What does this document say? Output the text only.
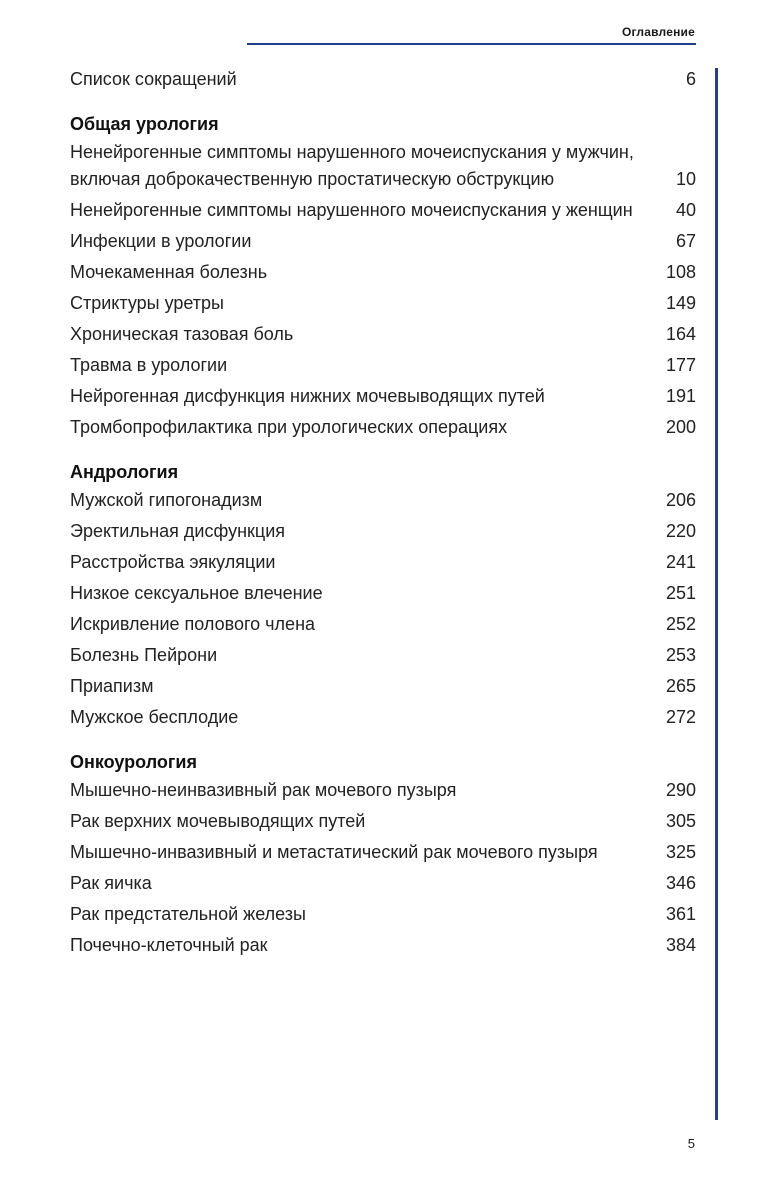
Оглавление
Список сокращений	6
Общая урология
Ненейрогенные симптомы нарушенного мочеиспускания у мужчин, включая доброкачественную простатическую обструкцию	10
Ненейрогенные симптомы нарушенного мочеиспускания у женщин	40
Инфекции в урологии	67
Мочекаменная болезнь	108
Стриктуры уретры	149
Хроническая тазовая боль	164
Травма в урологии	177
Нейрогенная дисфункция нижних мочевыводящих путей	191
Тромбопрофилактика при урологических операциях	200
Андрология
Мужской гипогонадизм	206
Эректильная дисфункция	220
Расстройства эякуляции	241
Низкое сексуальное влечение	251
Искривление полового члена	252
Болезнь Пейрони	253
Приапизм	265
Мужское бесплодие	272
Онкоурология
Мышечно-неинвазивный рак мочевого пузыря	290
Рак верхних мочевыводящих путей	305
Мышечно-инвазивный и метастатический рак мочевого пузыря	325
Рак яичка	346
Рак предстательной железы	361
Почечно-клеточный рак	384
5
